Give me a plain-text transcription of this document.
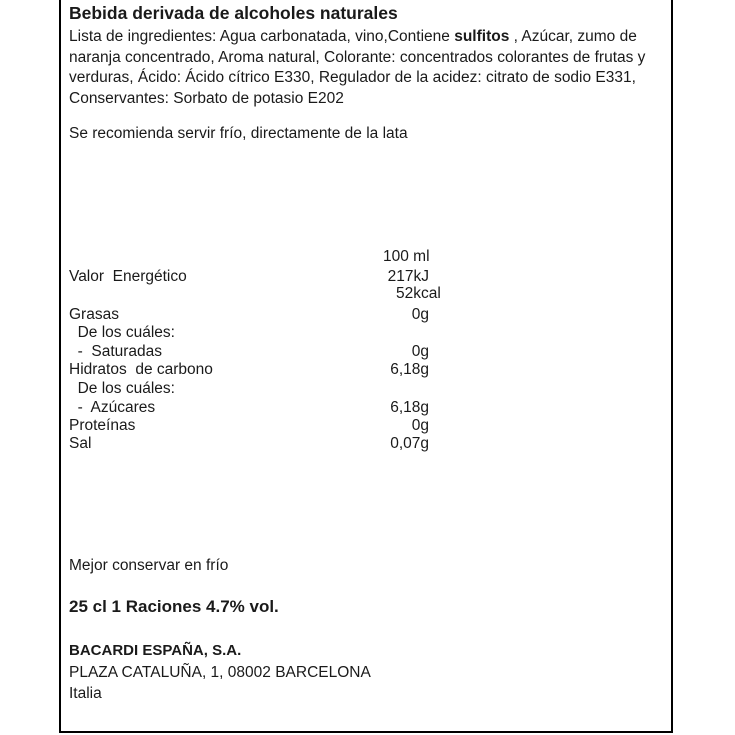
Bebida derivada de alcoholes naturales
Lista de ingredientes: Agua carbonatada, vino,Contiene sulfitos , Azúcar, zumo de naranja concentrado, Aroma natural, Colorante: concentrados colorantes de frutas y verduras, Ácido: Ácido cítrico E330, Regulador de la acidez: citrato de sodio E331, Conservantes: Sorbato de potasio E202
Se recomienda servir frío, directamente de la lata
100 ml
Valor  Energético	217kJ
52kcal
Grasas	0g
De los cuáles:
-  Saturadas	0g
Hidratos  de carbono	6,18g
De los cuáles:
-  Azúcares	6,18g
Proteínas	0g
Sal	0,07g
Mejor conservar en frío
25 cl 1 Raciones 4.7% vol.
BACARDI ESPAÑA, S.A.
PLAZA CATALUÑA, 1, 08002 BARCELONA
Italia
